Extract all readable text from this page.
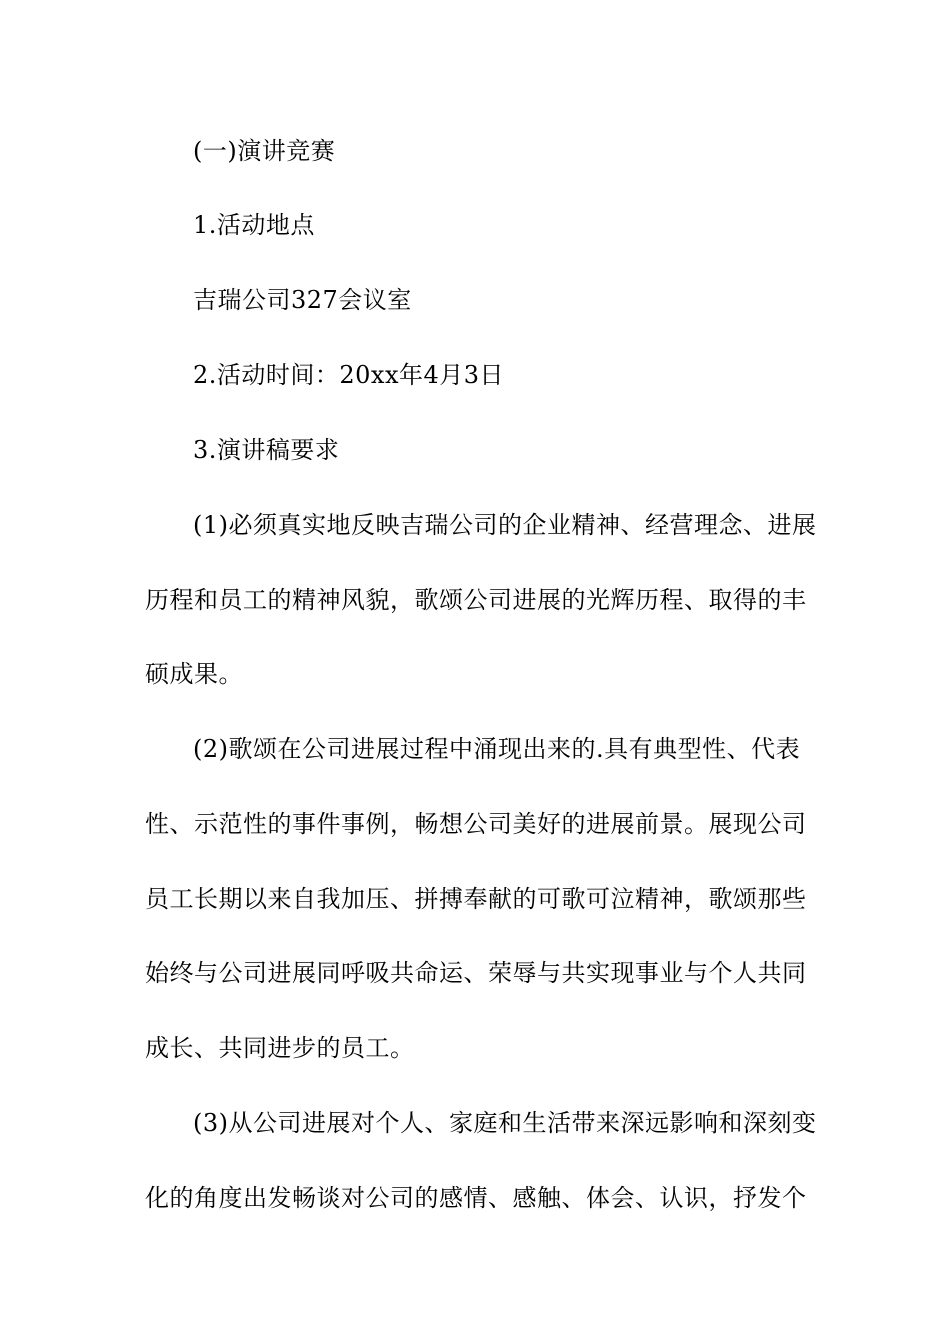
(一)演讲竞赛
1.活动地点
吉瑞公司327会议室
2.活动时间：20xx年4月3日
3.演讲稿要求
(1)必须真实地反映吉瑞公司的企业精神、经营理念、进展
历程和员工的精神风貌，歌颂公司进展的光辉历程、取得的丰
硕成果。
(2)歌颂在公司进展过程中涌现出来的.具有典型性、代表
性、示范性的事件事例，畅想公司美好的进展前景。展现公司
员工长期以来自我加压、拼搏奉献的可歌可泣精神，歌颂那些
始终与公司进展同呼吸共命运、荣辱与共实现事业与个人共同
成长、共同进步的员工。
(3)从公司进展对个人、家庭和生活带来深远影响和深刻变
化的角度出发畅谈对公司的感情、感触、体会、认识，抒发个
